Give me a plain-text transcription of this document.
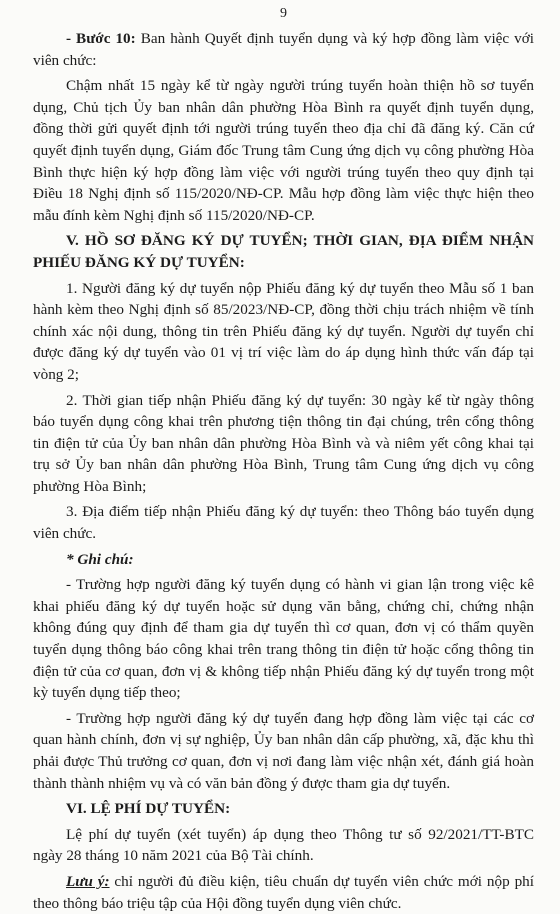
9

- Bước 10: Ban hành Quyết định tuyển dụng và ký hợp đồng làm việc với viên chức:

Chậm nhất 15 ngày kể từ ngày người trúng tuyển hoàn thiện hồ sơ tuyển dụng, Chủ tịch Ủy ban nhân dân phường Hòa Bình ra quyết định tuyển dụng, đồng thời gửi quyết định tới người trúng tuyển theo địa chỉ đã đăng ký. Căn cứ quyết định tuyển dụng, Giám đốc Trung tâm Cung ứng dịch vụ công phường Hòa Bình thực hiện ký hợp đồng làm việc với người trúng tuyển theo quy định tại Điều 18 Nghị định số 115/2020/NĐ-CP. Mẫu hợp đồng làm việc thực hiện theo mẫu đính kèm Nghị định số 115/2020/NĐ-CP.

V. HỒ SƠ ĐĂNG KÝ DỰ TUYỂN; THỜI GIAN, ĐỊA ĐIỂM NHẬN PHIẾU ĐĂNG KÝ DỰ TUYỂN:

1. Người đăng ký dự tuyển nộp Phiếu đăng ký dự tuyển theo Mẫu số 1 ban hành kèm theo Nghị định số 85/2023/NĐ-CP, đồng thời chịu trách nhiệm về tính chính xác nội dung, thông tin trên Phiếu đăng ký dự tuyển. Người dự tuyển chỉ được đăng ký dự tuyển vào 01 vị trí việc làm do áp dụng hình thức vấn đáp tại vòng 2;

2. Thời gian tiếp nhận Phiếu đăng ký dự tuyển: 30 ngày kể từ ngày thông báo tuyển dụng công khai trên phương tiện thông tin đại chúng, trên cổng thông tin điện tử của Ủy ban nhân dân phường Hòa Bình và và niêm yết công khai tại trụ sở Ủy ban nhân dân phường Hòa Bình, Trung tâm Cung ứng dịch vụ công phường Hòa Bình;

3. Địa điểm tiếp nhận Phiếu đăng ký dự tuyển: theo Thông báo tuyển dụng viên chức.

* Ghi chú:

- Trường hợp người đăng ký tuyển dụng có hành vi gian lận trong việc kê khai phiếu đăng ký dự tuyển hoặc sử dụng văn bằng, chứng chỉ, chứng nhận không đúng quy định để tham gia dự tuyển thì cơ quan, đơn vị có thẩm quyền tuyển dụng thông báo công khai trên trang thông tin điện tử hoặc cổng thông tin điện tử của cơ quan, đơn vị & không tiếp nhận Phiếu đăng ký dự tuyển trong một kỳ tuyển dụng tiếp theo;

- Trường hợp người đăng ký dự tuyển đang hợp đồng làm việc tại các cơ quan hành chính, đơn vị sự nghiệp, Ủy ban nhân dân cấp phường, xã, đặc khu thì phải được Thủ trưởng cơ quan, đơn vị nơi đang làm việc nhận xét, đánh giá hoàn thành thành nhiệm vụ và có văn bản đồng ý được tham gia dự tuyển.

VI. LỆ PHÍ DỰ TUYỂN:

Lệ phí dự tuyển (xét tuyển) áp dụng theo Thông tư số 92/2021/TT-BTC ngày 28 tháng 10 năm 2021 của Bộ Tài chính.

Lưu ý: chỉ người đủ điều kiện, tiêu chuẩn dự tuyển viên chức mới nộp phí theo thông báo triệu tập của Hội đồng tuyển dụng viên chức.
